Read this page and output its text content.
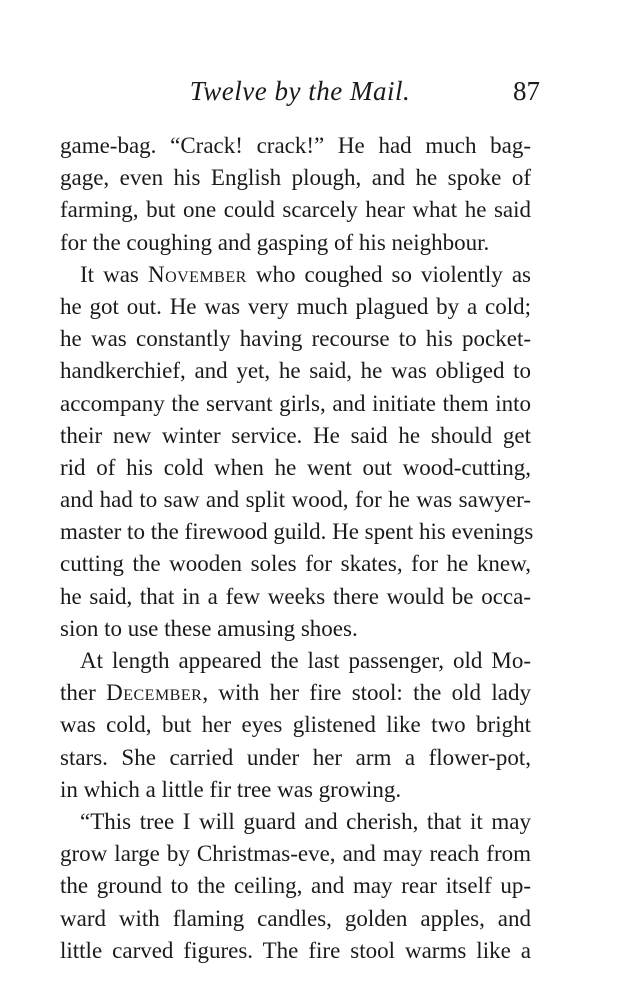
Twelve by the Mail.	87
game-bag. “Crack! crack!” He had much bag-
gage, even his English plough, and he spoke of
farming, but one could scarcely hear what he said
for the coughing and gasping of his neighbour.
It was November who coughed so violently as
he got out. He was very much plagued by a cold;
he was constantly having recourse to his pocket-
handkerchief, and yet, he said, he was obliged to
accompany the servant girls, and initiate them into
their new winter service. He said he should get
rid of his cold when he went out wood-cutting,
and had to saw and split wood, for he was sawyer-
master to the firewood guild. He spent his evenings
cutting the wooden soles for skates, for he knew,
he said, that in a few weeks there would be occa-
sion to use these amusing shoes.
At length appeared the last passenger, old Mo-
ther December, with her fire stool: the old lady
was cold, but her eyes glistened like two bright
stars. She carried under her arm a flower-pot,
in which a little fir tree was growing.
“This tree I will guard and cherish, that it may
grow large by Christmas-eve, and may reach from
the ground to the ceiling, and may rear itself up-
ward with flaming candles, golden apples, and
little carved figures. The fire stool warms like a
